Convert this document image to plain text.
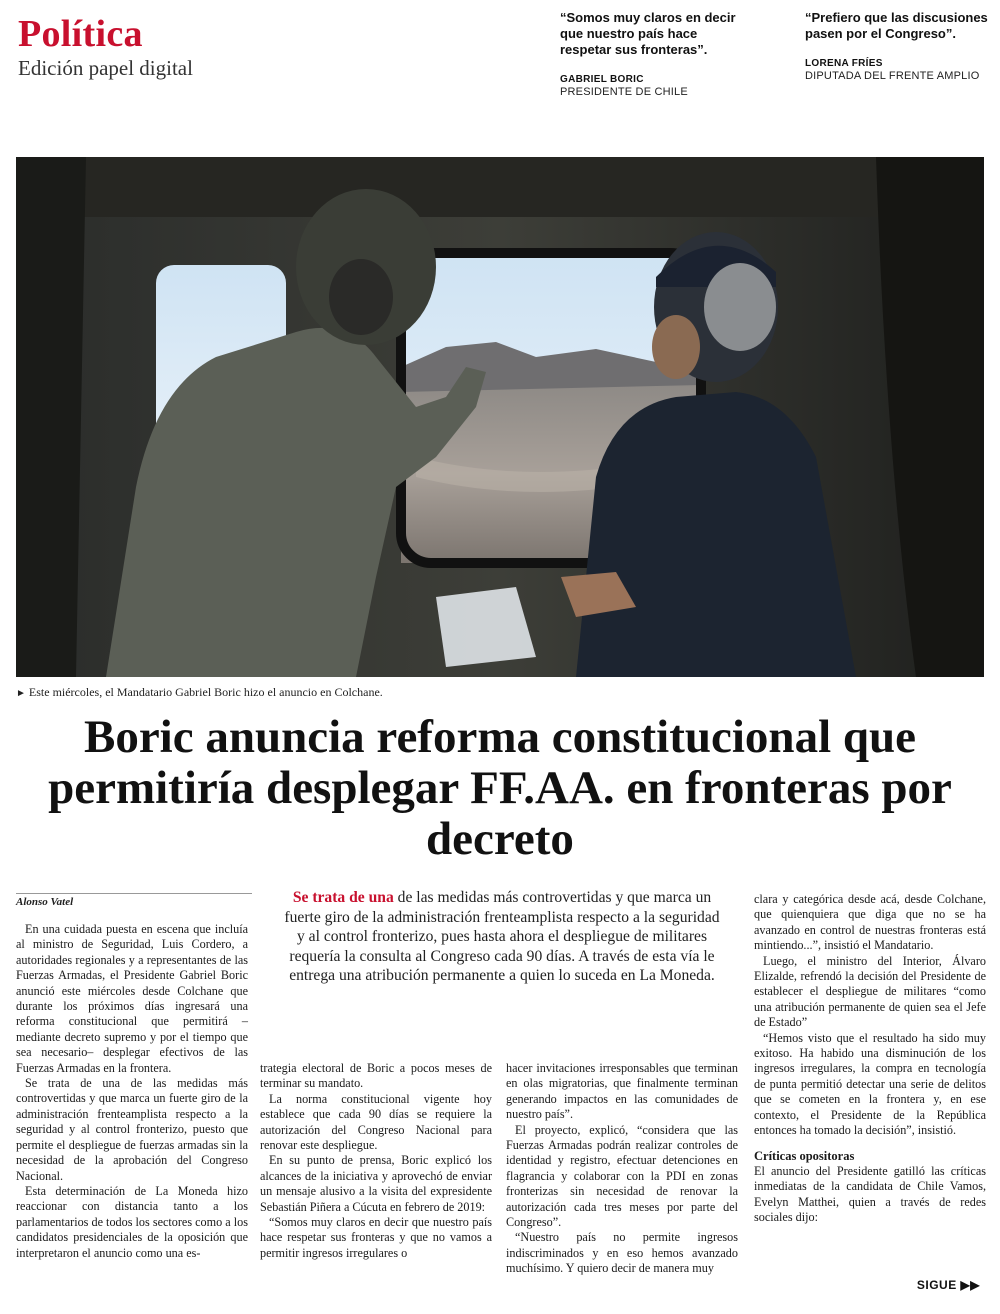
Política
Edición papel digital
“Somos muy claros en decir que nuestro país hace respetar sus fronteras”.
GABRIEL BORIC
PRESIDENTE DE CHILE
“Prefiero que las discusiones pasen por el Congreso”.
LORENA FRÍES
DIPUTADA DEL FRENTE AMPLIO
► Este miércoles, el Mandatario Gabriel Boric hizo el anuncio en Colchane.
Boric anuncia reforma constitucional que permitiría desplegar FF.AA. en fronteras por decreto
Alonso Vatel	Se trata de una de las medidas más controvertidas y que marca un fuerte giro de la administración frenteamplista respecto a la seguridad y al control fronterizo, pues hasta ahora el despliegue de militares requería la consulta al Congreso cada 90 días. A través de esta vía le entrega una atribución permanente a quien lo suceda en La Moneda.

En una cuidada puesta en escena que incluía al ministro de Seguridad, Luis Cordero, a autoridades regionales y a representantes de las Fuerzas Armadas, el Presidente Gabriel Boric anunció este miércoles desde Colchane que durante los próximos días ingresará una reforma constitucional que permitirá –mediante decreto supremo y por el tiempo que sea necesario– desplegar efectivos de las Fuerzas Armadas en la frontera.

Se trata de una de las medidas más controvertidas y que marca un fuerte giro de la administración frenteamplista respecto a la seguridad y al control fronterizo, puesto que permite el despliegue de fuerzas armadas sin la necesidad de la aprobación del Congreso Nacional.

Esta determinación de La Moneda hizo reaccionar con distancia tanto a los parlamentarios de todos los sectores como a los candidatos presidenciales de la oposición que interpretaron el anuncio como una es-

trategia electoral de Boric a pocos meses de terminar su mandato.

La norma constitucional vigente hoy establece que cada 90 días se requiere la autorización del Congreso Nacional para renovar este despliegue.

En su punto de prensa, Boric explicó los alcances de la iniciativa y aprovechó de enviar un mensaje alusivo a la visita del expresidente Sebastián Piñera a Cúcuta en febrero de 2019:

“Somos muy claros en decir que nuestro país hace respetar sus fronteras y que no vamos a permitir ingresos irregulares o

hacer invitaciones irresponsables que terminan en olas migratorias, que finalmente terminan generando impactos en las comunidades de nuestro país”.

El proyecto, explicó, “considera que las Fuerzas Armadas podrán realizar controles de identidad y registro, efectuar detenciones en flagrancia y colaborar con la PDI en zonas fronterizas sin necesidad de renovar la autorización cada tres meses por parte del Congreso”.

“Nuestro país no permite ingresos indiscriminados y en eso hemos avanzado muchísimo. Y quiero decir de manera muy

clara y categórica desde acá, desde Colchane, que quienquiera que diga que no se ha avanzado en control de nuestras fronteras está mintiendo...”, insistió el Mandatario.

Luego, el ministro del Interior, Álvaro Elizalde, refrendó la decisión del Presidente de establecer el despliegue de militares “como una atribución permanente de quien sea el Jefe de Estado”

“Hemos visto que el resultado ha sido muy exitoso. Ha habido una disminución de los ingresos irregulares, la compra en tecnología de punta permitió detectar una serie de delitos que se cometen en la frontera y, en ese contexto, el Presidente de la República entonces ha tomado la decisión”, insistió.

Críticas opositoras

El anuncio del Presidente gatilló las críticas inmediatas de la candidata de Chile Vamos, Evelyn Matthei, quien a través de redes sociales dijo:

SIGUE ▶▶
